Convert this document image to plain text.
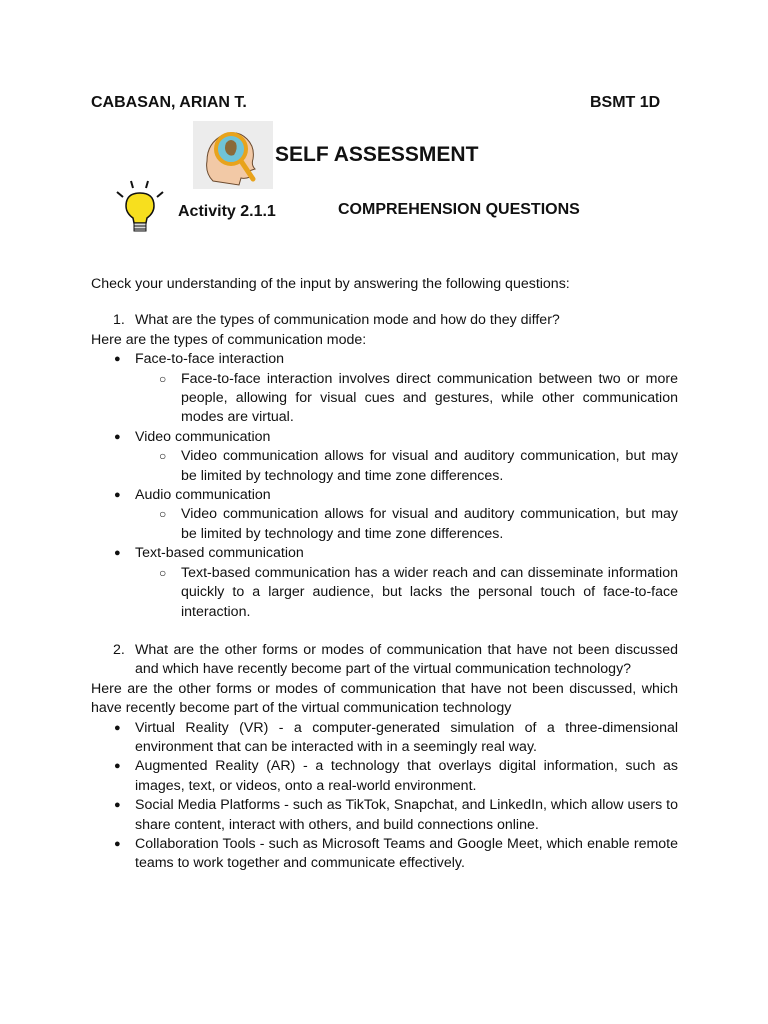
CABASAN, ARIAN T.	BSMT 1D
SELF ASSESSMENT
Activity 2.1.1	COMPREHENSION QUESTIONS

Check your understanding of the input by answering the following questions:

1. What are the types of communication mode and how do they differ?

Here are the types of communication mode:

● Face-to-face interaction
○ Face-to-face interaction involves direct communication between two or more people, allowing for visual cues and gestures, while other communication modes are virtual.
● Video communication
○ Video communication allows for visual and auditory communication, but may be limited by technology and time zone differences.
● Audio communication
○ Video communication allows for visual and auditory communication, but may be limited by technology and time zone differences.
● Text-based communication
○ Text-based communication has a wider reach and can disseminate information quickly to a larger audience, but lacks the personal touch of face-to-face interaction.
2. What are the other forms or modes of communication that have not been discussed and which have recently become part of the virtual communication technology?

Here are the other forms or modes of communication that have not been discussed, which have recently become part of the virtual communication technology

● Virtual Reality (VR) - a computer-generated simulation of a three-dimensional environment that can be interacted with in a seemingly real way.
● Augmented Reality (AR) - a technology that overlays digital information, such as images, text, or videos, onto a real-world environment.
● Social Media Platforms - such as TikTok, Snapchat, and LinkedIn, which allow users to share content, interact with others, and build connections online.
● Collaboration Tools - such as Microsoft Teams and Google Meet, which enable remote teams to work together and communicate effectively.
